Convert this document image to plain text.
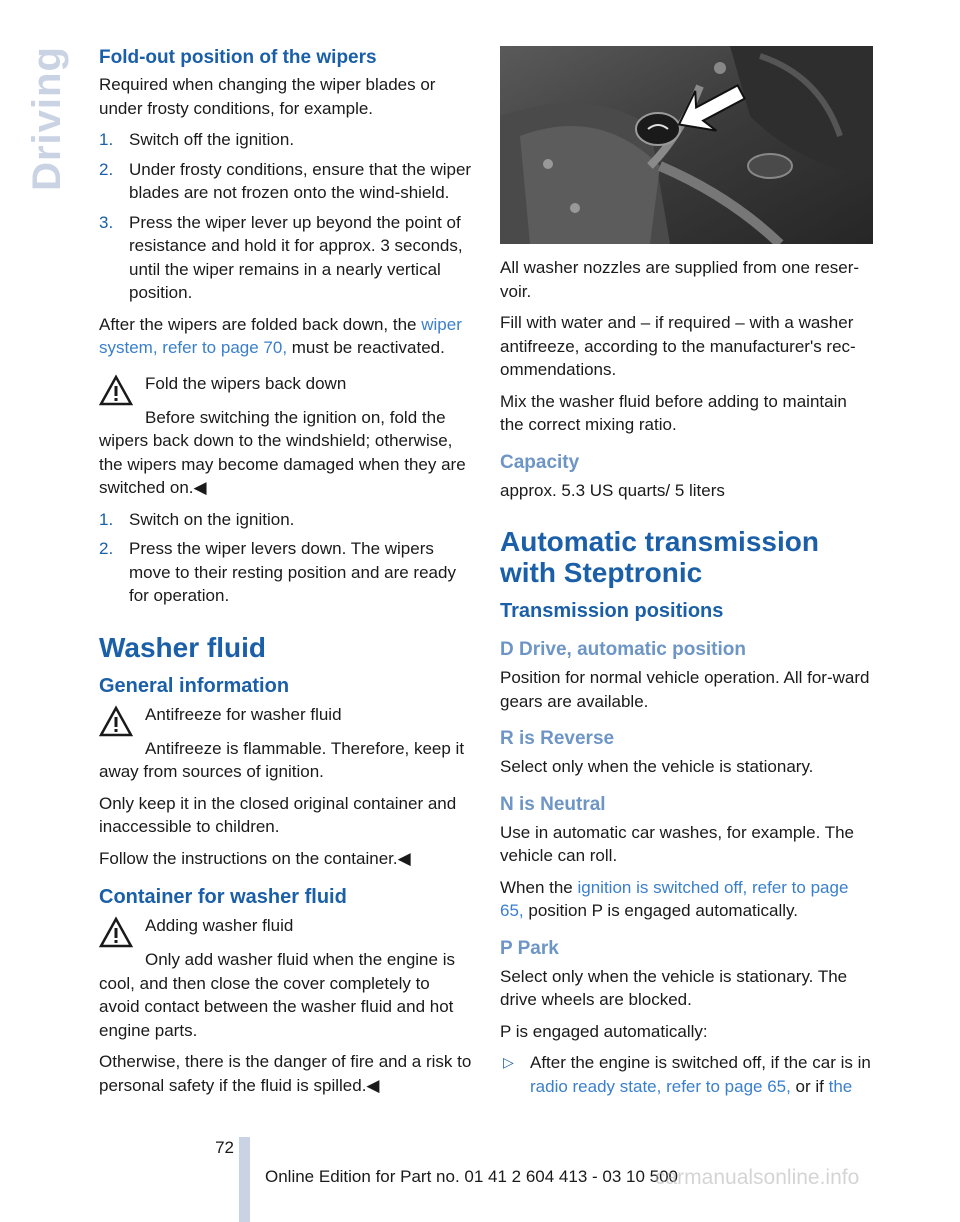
Driving Fold-out position of the wipers

Required when changing the wiper blades or under frosty conditions, for example.

1. Switch off the ignition.
2. Under frosty conditions, ensure that the wiper blades are not frozen onto the wind-shield.
3. Press the wiper lever up beyond the point of resistance and hold it for approx. 3 seconds, until the wiper remains in a nearly vertical position.

After the wipers are folded back down, the wiper system, refer to page 70, must be reactivated.

Fold the wipers back down

Before switching the ignition on, fold the wipers back down to the windshield; otherwise, the wipers may become damaged when they are switched on.◀

1. Switch on the ignition.
2. Press the wiper levers down. The wipers move to their resting position and are ready for operation.
Washer fluid
General information

Antifreeze for washer fluid

Antifreeze is flammable. Therefore, keep it away from sources of ignition.

Only keep it in the closed original container and inaccessible to children.

Follow the instructions on the container.◀

Container for washer fluid

Adding washer fluid

Only add washer fluid when the engine is cool, and then close the cover completely to avoid contact between the washer fluid and hot engine parts.

Otherwise, there is the danger of fire and a risk to personal safety if the fluid is spilled.◀

All washer nozzles are supplied from one reser-voir.

Fill with water and – if required – with a washer antifreeze, according to the manufacturer's rec-ommendations.

Mix the washer fluid before adding to maintain the correct mixing ratio.

Capacity

approx. 5.3 US quarts/ 5 liters

Automatic transmission with Steptronic
Transmission positions
D Drive, automatic position

Position for normal vehicle operation. All for-ward gears are available.

R is Reverse

Select only when the vehicle is stationary.

N is Neutral

Use in automatic car washes, for example. The vehicle can roll.

When the ignition is switched off, refer to page 65, position P is engaged automatically.

P Park

Select only when the vehicle is stationary. The drive wheels are blocked.

P is engaged automatically:

▷ After the engine is switched off, if the car is in radio ready state, refer to page 65, or if the
72
Online Edition for Part no. 01 41 2 604 413 - 03 10 500
carmanualsonline.info
